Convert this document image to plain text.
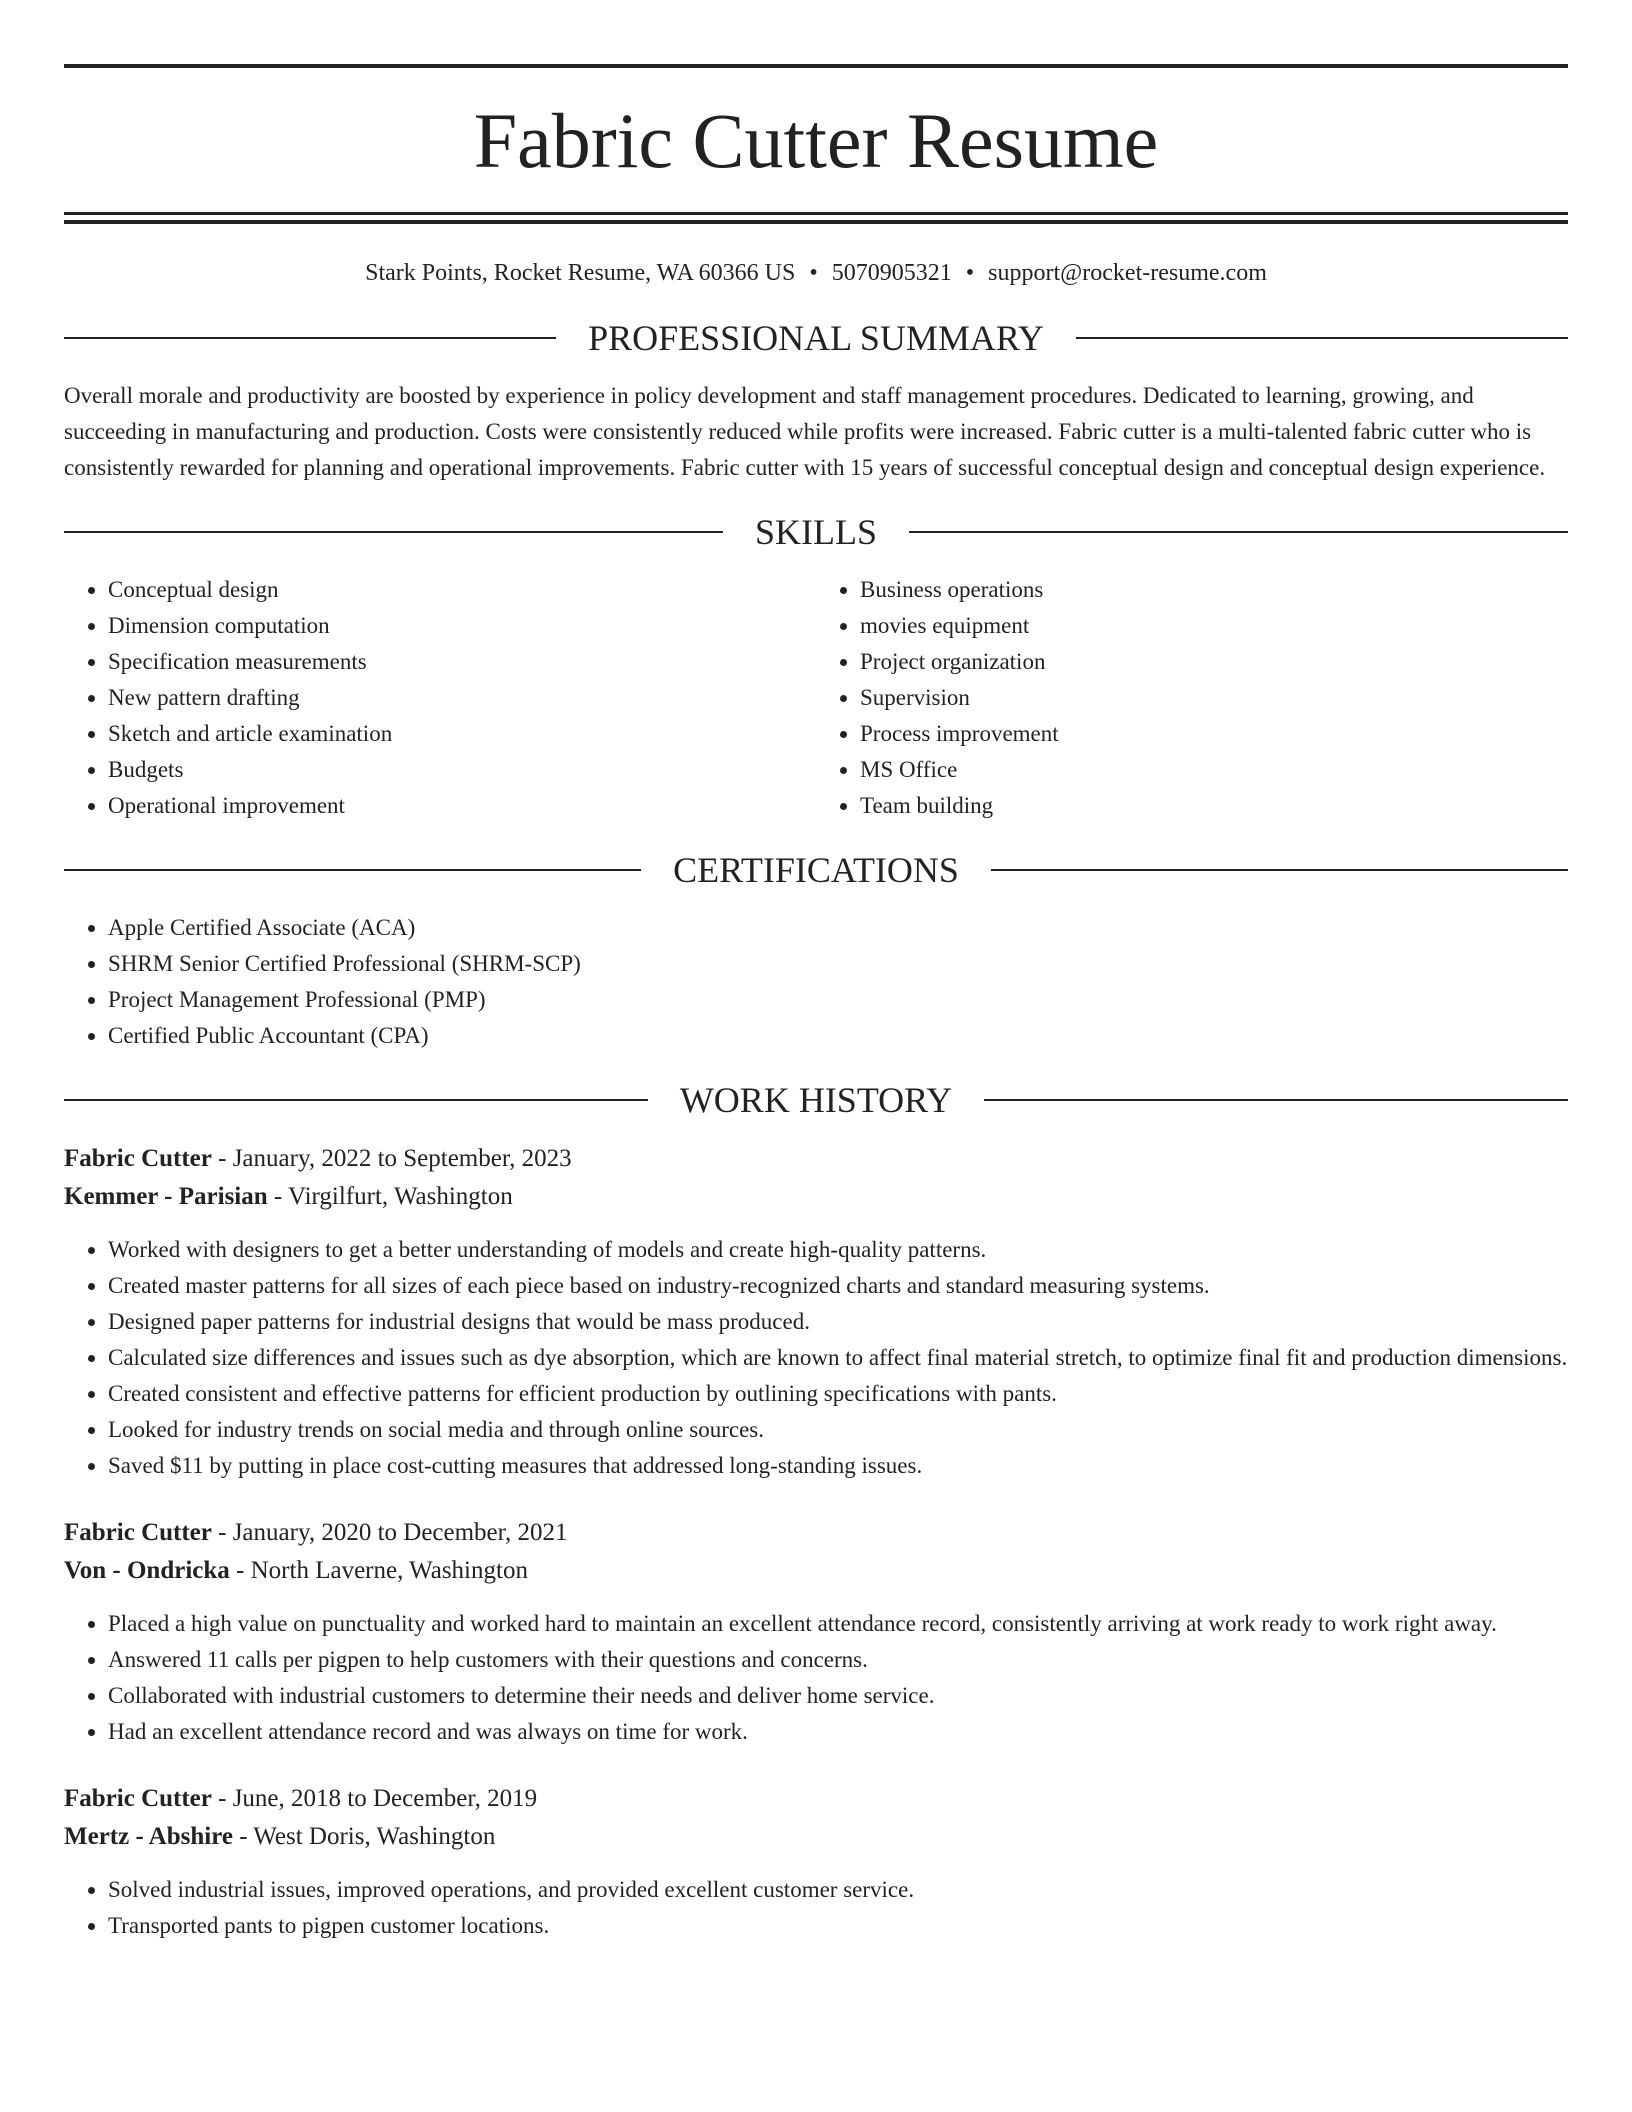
Fabric Cutter Resume
Stark Points, Rocket Resume, WA 60366 US • 5070905321 • support@rocket-resume.com
PROFESSIONAL SUMMARY
Overall morale and productivity are boosted by experience in policy development and staff management procedures. Dedicated to learning, growing, and succeeding in manufacturing and production. Costs were consistently reduced while profits were increased. Fabric cutter is a multi-talented fabric cutter who is consistently rewarded for planning and operational improvements. Fabric cutter with 15 years of successful conceptual design and conceptual design experience.
SKILLS
• Conceptual design
• Dimension computation
• Specification measurements
• New pattern drafting
• Sketch and article examination
• Budgets
• Operational improvement
• Business operations
• movies equipment
• Project organization
• Supervision
• Process improvement
• MS Office
• Team building
CERTIFICATIONS
• Apple Certified Associate (ACA)
• SHRM Senior Certified Professional (SHRM-SCP)
• Project Management Professional (PMP)
• Certified Public Accountant (CPA)
WORK HISTORY
Fabric Cutter - January, 2022 to September, 2023
Kemmer - Parisian - Virgilfurt, Washington
• Worked with designers to get a better understanding of models and create high-quality patterns.
• Created master patterns for all sizes of each piece based on industry-recognized charts and standard measuring systems.
• Designed paper patterns for industrial designs that would be mass produced.
• Calculated size differences and issues such as dye absorption, which are known to affect final material stretch, to optimize final fit and production dimensions.
• Created consistent and effective patterns for efficient production by outlining specifications with pants.
• Looked for industry trends on social media and through online sources.
• Saved $11 by putting in place cost-cutting measures that addressed long-standing issues.
Fabric Cutter - January, 2020 to December, 2021
Von - Ondricka - North Laverne, Washington
• Placed a high value on punctuality and worked hard to maintain an excellent attendance record, consistently arriving at work ready to work right away.
• Answered 11 calls per pigpen to help customers with their questions and concerns.
• Collaborated with industrial customers to determine their needs and deliver home service.
• Had an excellent attendance record and was always on time for work.
Fabric Cutter - June, 2018 to December, 2019
Mertz - Abshire - West Doris, Washington
• Solved industrial issues, improved operations, and provided excellent customer service.
• Transported pants to pigpen customer locations.
